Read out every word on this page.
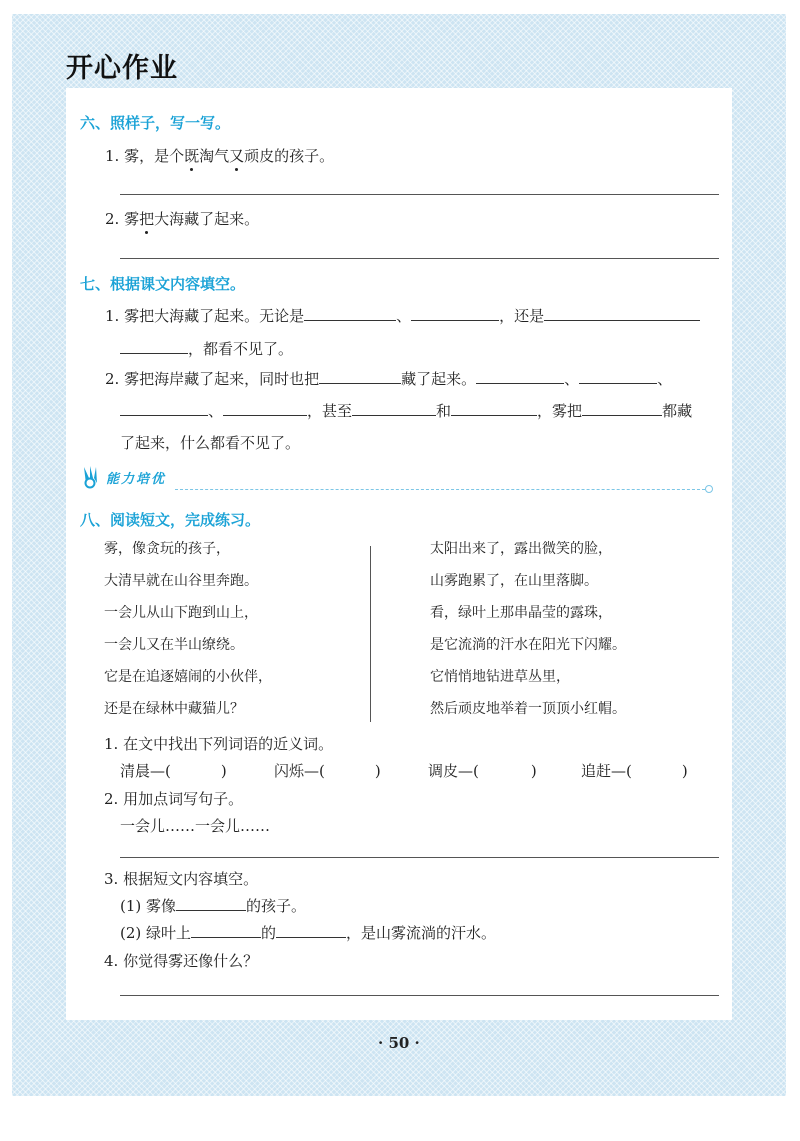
开心作业
六、照样子，写一写。
1. 雾，是个既淘气又顽皮的孩子。
2. 雾把大海藏了起来。
七、根据课文内容填空。
1. 雾把大海藏了起来。无论是	、	，还是
，都看不见了。
2. 雾把海岸藏了起来，同时也把	藏了起来。	、	、
、	，甚至	和	，雾把	都藏
了起来，什么都看不见了。
能力培优
八、阅读短文，完成练习。
雾，像贪玩的孩子，
大清早就在山谷里奔跑。
一会儿从山下跑到山上，
一会儿又在半山缭绕。
它是在追逐嬉闹的小伙伴，
还是在绿林中藏猫儿？
太阳出来了，露出微笑的脸，
山雾跑累了，在山里落脚。
看，绿叶上那串晶莹的露珠，
是它流淌的汗水在阳光下闪耀。
它悄悄地钻进草丛里，
然后顽皮地举着一顶顶小红帽。
1. 在文中找出下列词语的近义词。
清晨—(	)	闪烁—(	)	调皮—(	)	追赶—(	)
2. 用加点词写句子。
一会儿……一会儿……
3. 根据短文内容填空。
(1) 雾像	的孩子。
(2) 绿叶上	的	，是山雾流淌的汗水。
4. 你觉得雾还像什么？
· 50 ·
